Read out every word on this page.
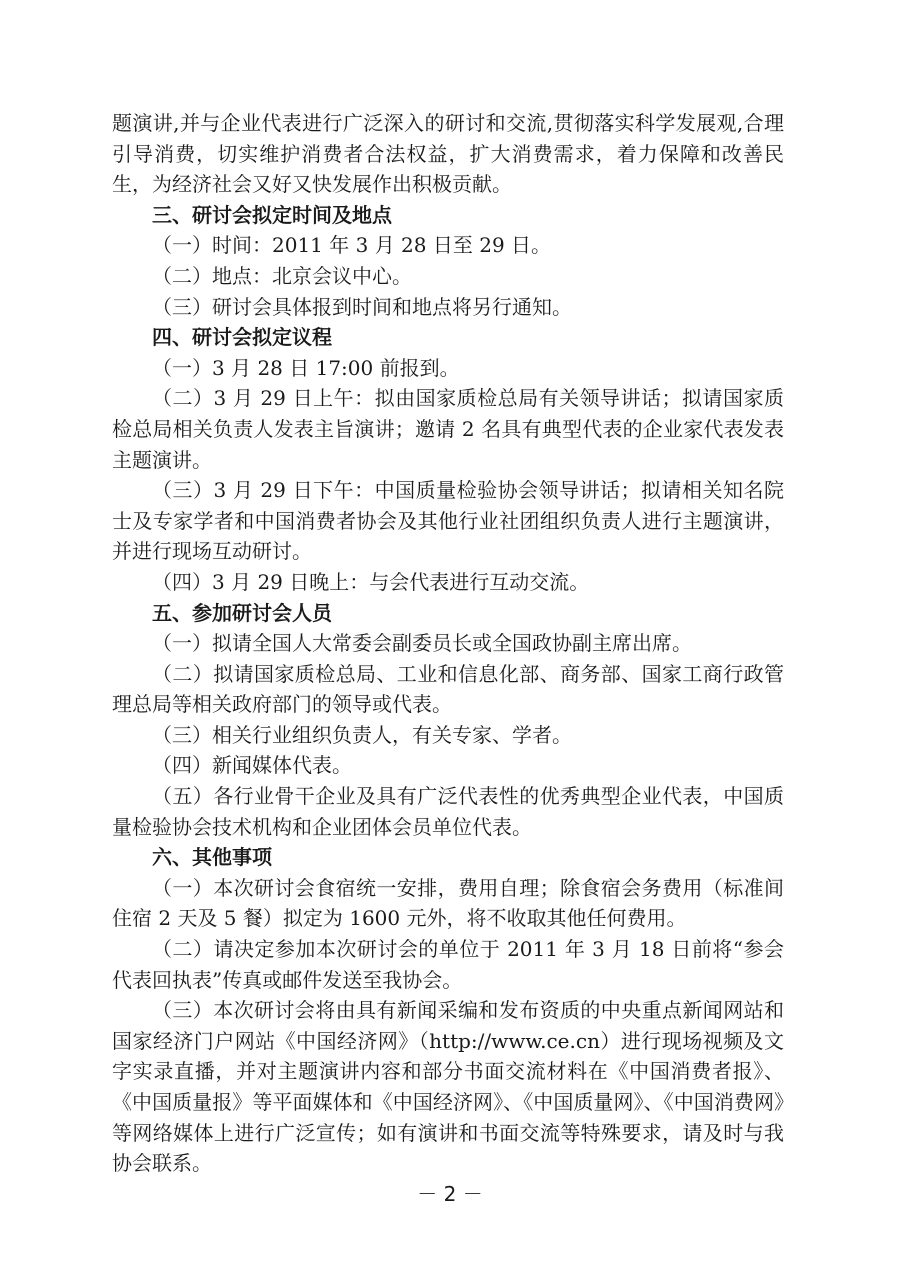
题演讲,并与企业代表进行广泛深入的研讨和交流,贯彻落实科学发展观,合理引导消费，切实维护消费者合法权益，扩大消费需求，着力保障和改善民生，为经济社会又好又快发展作出积极贡献。

三、研讨会拟定时间及地点

（一）时间：2011 年 3 月 28 日至 29 日。

（二）地点：北京会议中心。

（三）研讨会具体报到时间和地点将另行通知。

四、研讨会拟定议程

（一）3 月 28 日 17:00 前报到。

（二）3 月 29 日上午：拟由国家质检总局有关领导讲话；拟请国家质检总局相关负责人发表主旨演讲；邀请 2 名具有典型代表的企业家代表发表主题演讲。

（三）3 月 29 日下午：中国质量检验协会领导讲话；拟请相关知名院士及专家学者和中国消费者协会及其他行业社团组织负责人进行主题演讲，并进行现场互动研讨。

（四）3 月 29 日晚上：与会代表进行互动交流。

五、参加研讨会人员

（一）拟请全国人大常委会副委员长或全国政协副主席出席。

（二）拟请国家质检总局、工业和信息化部、商务部、国家工商行政管理总局等相关政府部门的领导或代表。

（三）相关行业组织负责人，有关专家、学者。

（四）新闻媒体代表。

（五）各行业骨干企业及具有广泛代表性的优秀典型企业代表，中国质量检验协会技术机构和企业团体会员单位代表。

六、其他事项

（一）本次研讨会食宿统一安排，费用自理；除食宿会务费用（标准间住宿 2 天及 5 餐）拟定为 1600 元外，将不收取其他任何费用。

（二）请决定参加本次研讨会的单位于 2011 年 3 月 18 日前将“参会代表回执表”传真或邮件发送至我协会。

（三）本次研讨会将由具有新闻采编和发布资质的中央重点新闻网站和国家经济门户网站《中国经济网》（http://www.ce.cn）进行现场视频及文字实录直播，并对主题演讲内容和部分书面交流材料在《中国消费者报》、《中国质量报》等平面媒体和《中国经济网》、《中国质量网》、《中国消费网》等网络媒体上进行广泛宣传；如有演讲和书面交流等特殊要求，请及时与我协会联系。

－ 2 －
